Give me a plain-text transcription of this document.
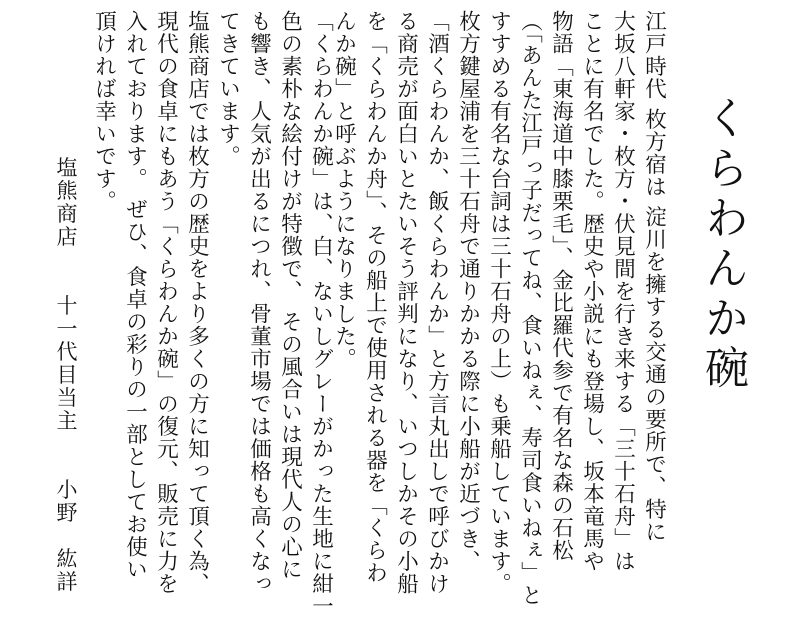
くらわんか碗
江戸時代 枚方宿は 淀川を擁する交通の要所で、特に
大坂八軒家・枚方・伏見間を行き来する「三十石舟」は
ことに有名でした。歴史や小説にも登場し、坂本竜馬や
物語「東海道中膝栗毛」、金比羅代参で有名な森の石松
（「あんた江戸っ子だってね、食いねぇ、寿司食いねぇ」と
すすめる有名な台詞は三十石舟の上）も乗船しています。
枚方鍵屋浦を三十石舟で通りかかる際に小船が近づき、
「酒くらわんか、飯くらわんか」と方言丸出しで呼びかけ
る商売が面白いとたいそう評判になり、いつしかその小船
を「くらわんか舟」、その船上で使用される器を「くらわ
んか碗」と呼ぶようになりました。
「くらわんか碗」は、白、ないしグレーがかった生地に紺一
色の素朴な絵付けが特徴で、 その風合いは現代人の心に
も響き、人気が出るにつれ、骨董市場では価格も高くなっ
てきています。
塩熊商店では枚方の歴史をより多くの方に知って頂く為、
現代の食卓にもあう「くらわんか碗」の復元、販売に力を
入れております。 ぜひ、食卓の彩りの一部としてお使い
頂ければ幸いです。

塩熊商店　　十一代目当主　　小野　紘詳
